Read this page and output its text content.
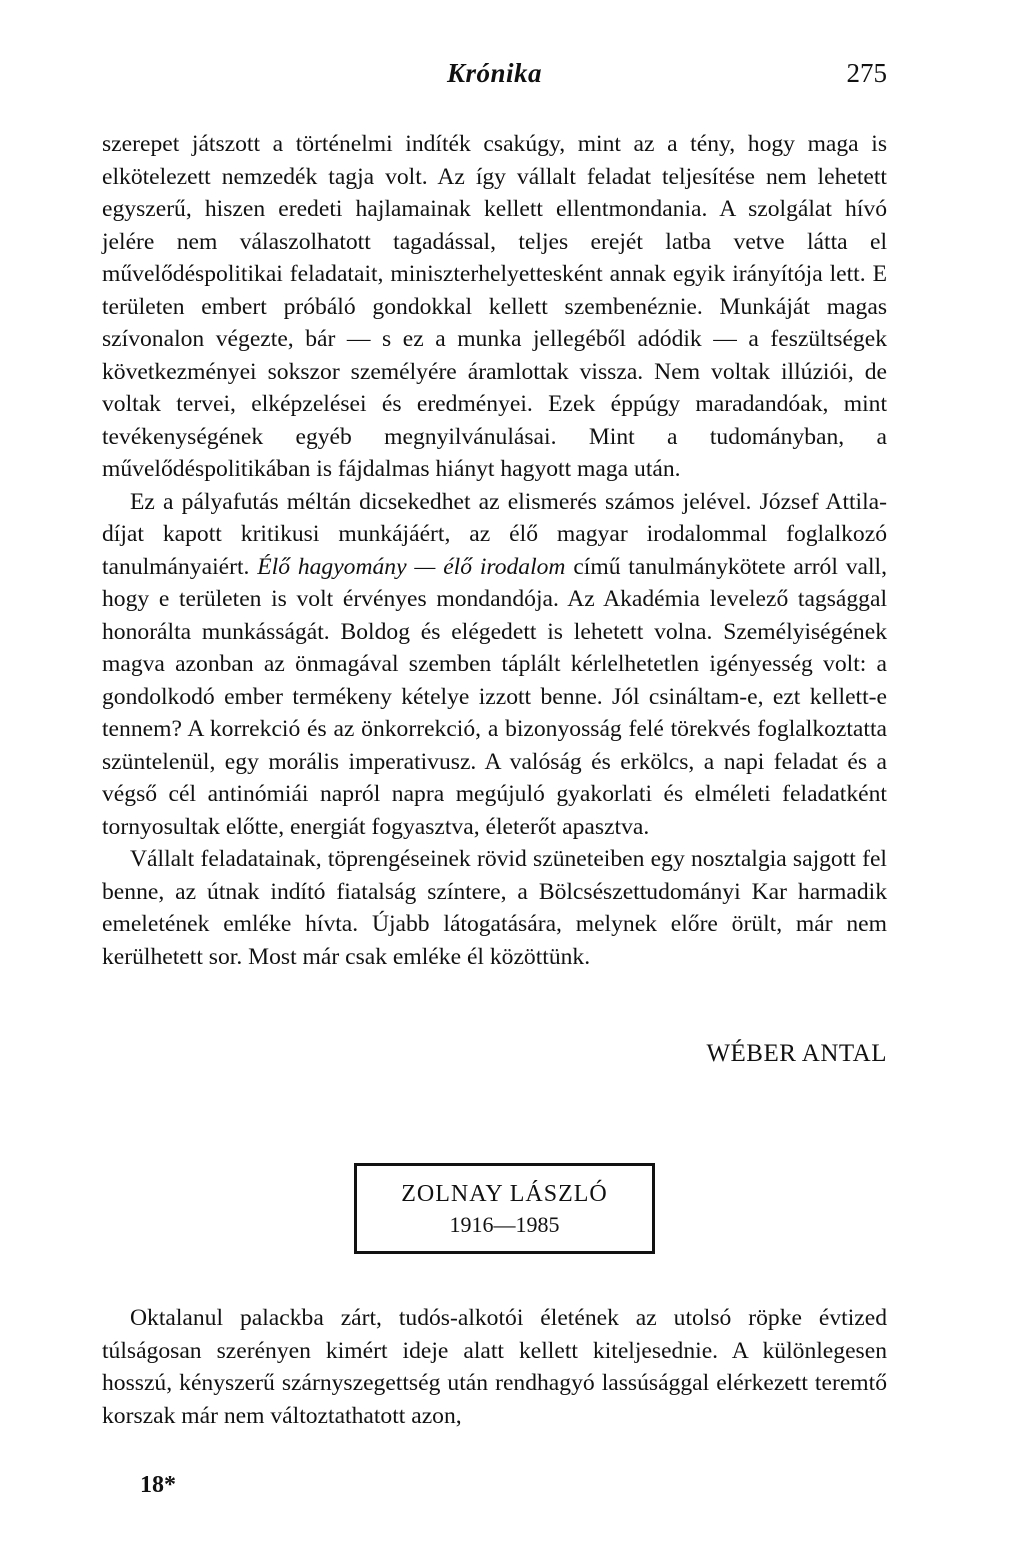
Krónika	275

szerepet játszott a történelmi indíték csakúgy, mint az a tény, hogy maga is elkötelezett nemzedék tagja volt. Az így vállalt feladat teljesítése nem lehetett egyszerű, hiszen eredeti hajlamainak kellett ellentmondania. A szolgálat hívó jelére nem válaszolhatott tagadással, teljes erejét latba vetve látta el művelődéspolitikai feladatait, miniszterhelyettesként annak egyik irányítója lett. E területen embert próbáló gondokkal kellett szembenéznie. Munkáját magas szívonalon végezte, bár — s ez a munka jellegéből adódik — a feszültségek következményei sokszor személyére áramlottak vissza. Nem voltak illúziói, de voltak tervei, elképzelései és eredményei. Ezek éppúgy maradandóak, mint tevékenységének egyéb megnyilvánulásai. Mint a tudományban, a művelődéspolitikában is fájdalmas hiányt hagyott maga után.

Ez a pályafutás méltán dicsekedhet az elismerés számos jelével. József Attila-díjat kapott kritikusi munkájáért, az élő magyar irodalommal foglalkozó tanulmányaiért. Élő hagyomány — élő irodalom című tanulmánykötete arról vall, hogy e területen is volt érvényes mondandója. Az Akadémia levelező tagsággal honorálta munkásságát. Boldog és elégedett is lehetett volna. Személyiségének magva azonban az önmagával szemben táplált kérlelhetetlen igényesség volt: a gondolkodó ember termékeny kételye izzott benne. Jól csináltam-e, ezt kellett-e tennem? A korrekció és az önkorrekció, a bizonyosság felé törekvés foglalkoztatta szüntelenül, egy morális imperativusz. A valóság és erkölcs, a napi feladat és a végső cél antinómiái napról napra megújuló gyakorlati és elméleti feladatként tornyosultak előtte, energiát fogyasztva, életerőt apasztva.

Vállalt feladatainak, töprengéseinek rövid szüneteiben egy nosztalgia sajgott fel benne, az útnak indító fiatalság színtere, a Bölcsészettudományi Kar harmadik emeletének emléke hívta. Újabb látogatására, melynek előre örült, már nem kerülhetett sor. Most már csak emléke él közöttünk.

WÉBER ANTAL
ZOLNAY LÁSZLÓ
1916—1985

Oktalanul palackba zárt, tudós-alkotói életének az utolsó röpke évtized túlságosan szerényen kimért ideje alatt kellett kiteljesednie. A különlegesen hosszú, kényszerű szárnyszegettség után rendhagyó lassúsággal elérkezett teremtő korszak már nem változtathatott azon,

18*
